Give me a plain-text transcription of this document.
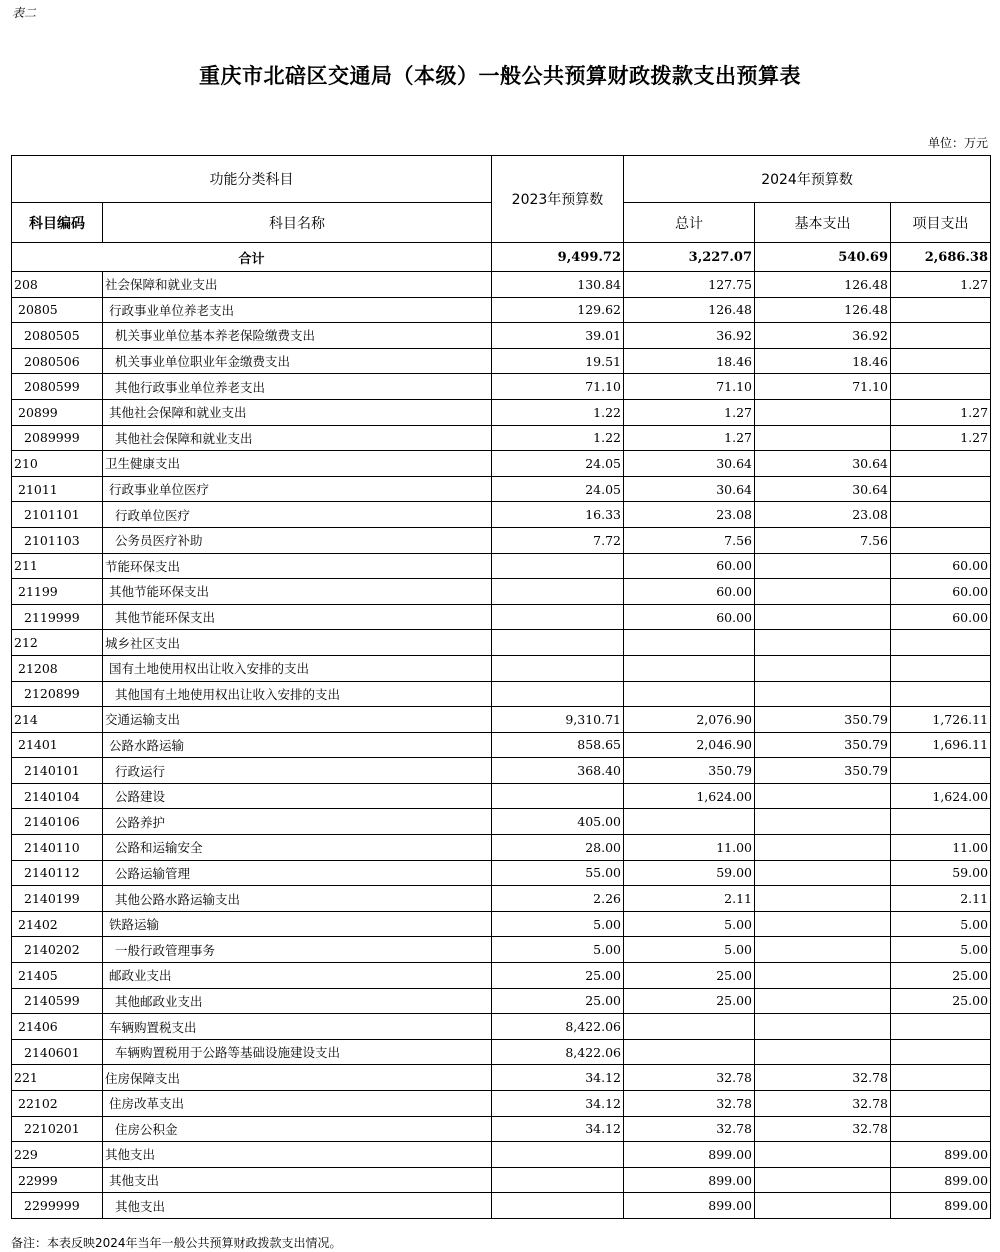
表二
重庆市北碚区交通局（本级）一般公共预算财政拨款支出预算表
单位：万元
功能分类科目		2023年预算数	2024年预算数		
科目编码	科目名称		总计	基本支出	项目支出
合计		9,499.72	3,227.07	540.69	2,686.38
208	社会保障和就业支出	130.84	127.75	126.48	1.27
20805	行政事业单位养老支出	129.62	126.48	126.48	
2080505	机关事业单位基本养老保险缴费支出	39.01	36.92	36.92	
2080506	机关事业单位职业年金缴费支出	19.51	18.46	18.46	
2080599	其他行政事业单位养老支出	71.10	71.10	71.10	
20899	其他社会保障和就业支出	1.22	1.27		1.27
2089999	其他社会保障和就业支出	1.22	1.27		1.27
210	卫生健康支出	24.05	30.64	30.64	
21011	行政事业单位医疗	24.05	30.64	30.64	
2101101	行政单位医疗	16.33	23.08	23.08	
2101103	公务员医疗补助	7.72	7.56	7.56	
211	节能环保支出		60.00		60.00
21199	其他节能环保支出		60.00		60.00
2119999	其他节能环保支出		60.00		60.00
212	城乡社区支出				
21208	国有土地使用权出让收入安排的支出				
2120899	其他国有土地使用权出让收入安排的支出				
214	交通运输支出	9,310.71	2,076.90	350.79	1,726.11
21401	公路水路运输	858.65	2,046.90	350.79	1,696.11
2140101	行政运行	368.40	350.79	350.79	
2140104	公路建设		1,624.00		1,624.00
2140106	公路养护	405.00			
2140110	公路和运输安全	28.00	11.00		11.00
2140112	公路运输管理	55.00	59.00		59.00
2140199	其他公路水路运输支出	2.26	2.11		2.11
21402	铁路运输	5.00	5.00		5.00
2140202	一般行政管理事务	5.00	5.00		5.00
21405	邮政业支出	25.00	25.00		25.00
2140599	其他邮政业支出	25.00	25.00		25.00
21406	车辆购置税支出	8,422.06			
2140601	车辆购置税用于公路等基础设施建设支出	8,422.06			
221	住房保障支出	34.12	32.78	32.78	
22102	住房改革支出	34.12	32.78	32.78	
2210201	住房公积金	34.12	32.78	32.78	
229	其他支出		899.00		899.00
22999	其他支出		899.00		899.00
2299999	其他支出		899.00		899.00
备注：本表反映2024年当年一般公共预算财政拨款支出情况。
